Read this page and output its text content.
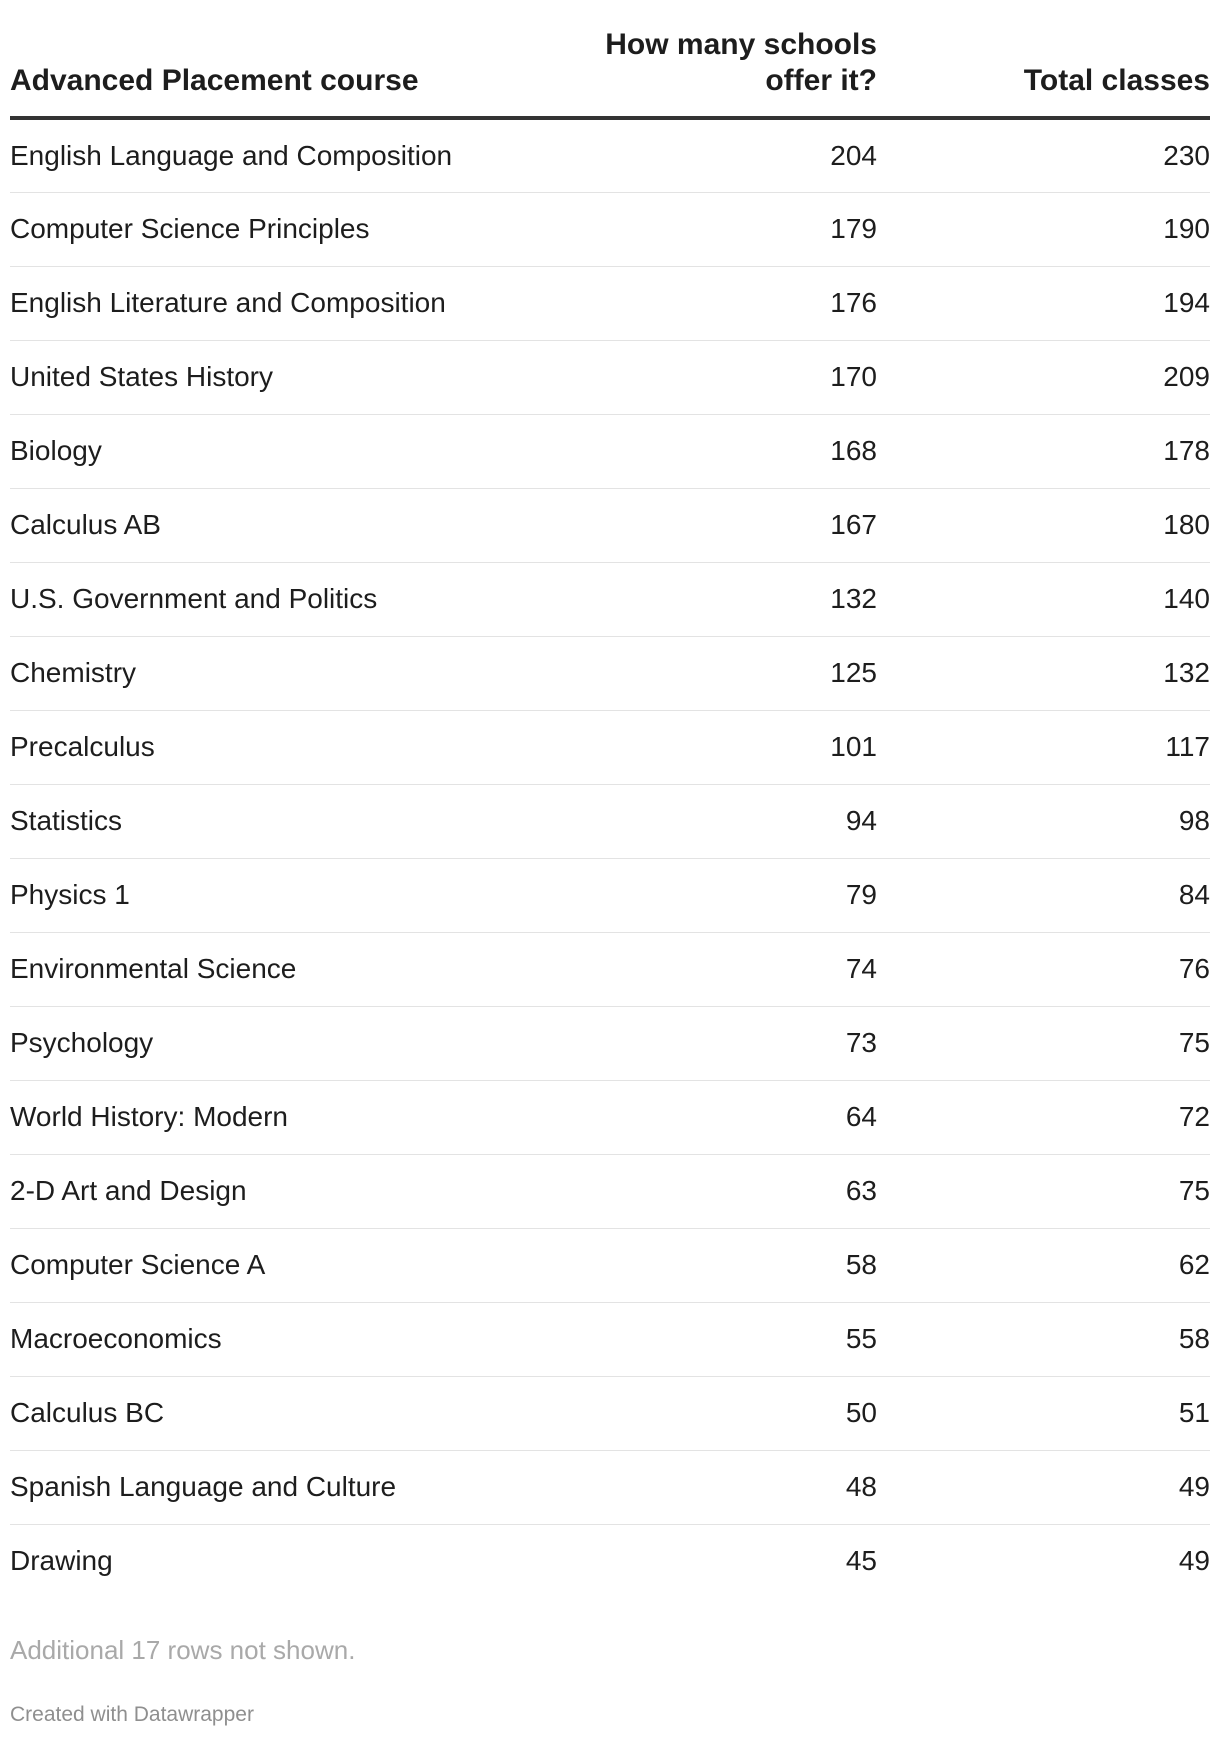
Advanced Placement course	How many schools offer it?	Total classes
English Language and Composition	204	230
Computer Science Principles	179	190
English Literature and Composition	176	194
United States History	170	209
Biology	168	178
Calculus AB	167	180
U.S. Government and Politics	132	140
Chemistry	125	132
Precalculus	101	117
Statistics	94	98
Physics 1	79	84
Environmental Science	74	76
Psychology	73	75
World History: Modern	64	72
2-D Art and Design	63	75
Computer Science A	58	62
Macroeconomics	55	58
Calculus BC	50	51
Spanish Language and Culture	48	49
Drawing	45	49
Additional 17 rows not shown.
Created with Datawrapper
